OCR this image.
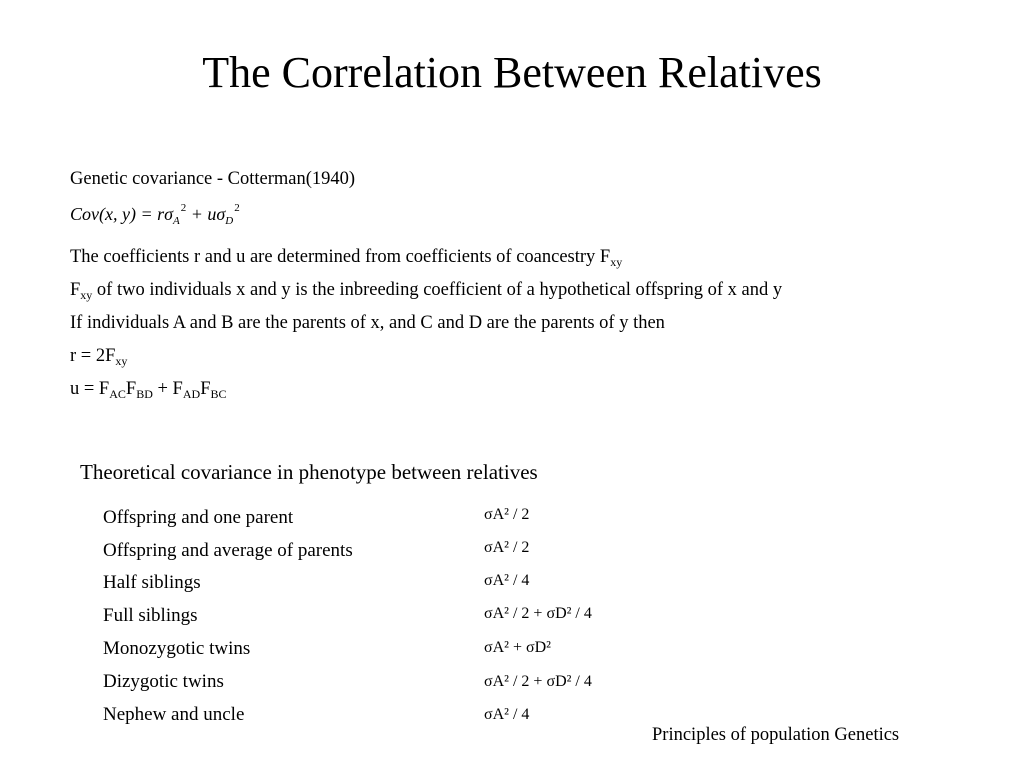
The Correlation Between Relatives
Genetic covariance - Cotterman(1940)
Cov(x, $y) = r\sigma_A^2 + u\sigma_D^2$
The coefficients r and u are determined from coefficients of coancestry $F_{xy}$
$F_{xy}$ of two individuals x and y is the inbreeding coefficient of a hypothetical offspring of x and y
If individuals A and B are the parents of x, and C and D are the parents of y then
$r = 2F_{xy}$
$u = F_{AC}F_{BD} + F_{AD}F_{BC}$
Theoretical covariance in phenotype between relatives
Offspring and one parent	σA² / 2
Offspring and average of parents	σA² / 2
Half siblings	σA² / 4
Full siblings	σA² / 2 + σD² / 4
Monozygotic twins	σA² + σD²
Dizygotic twins	σA² / 2 + σD² / 4
Nephew and uncle	σA² / 4
Principles of population Genetics
